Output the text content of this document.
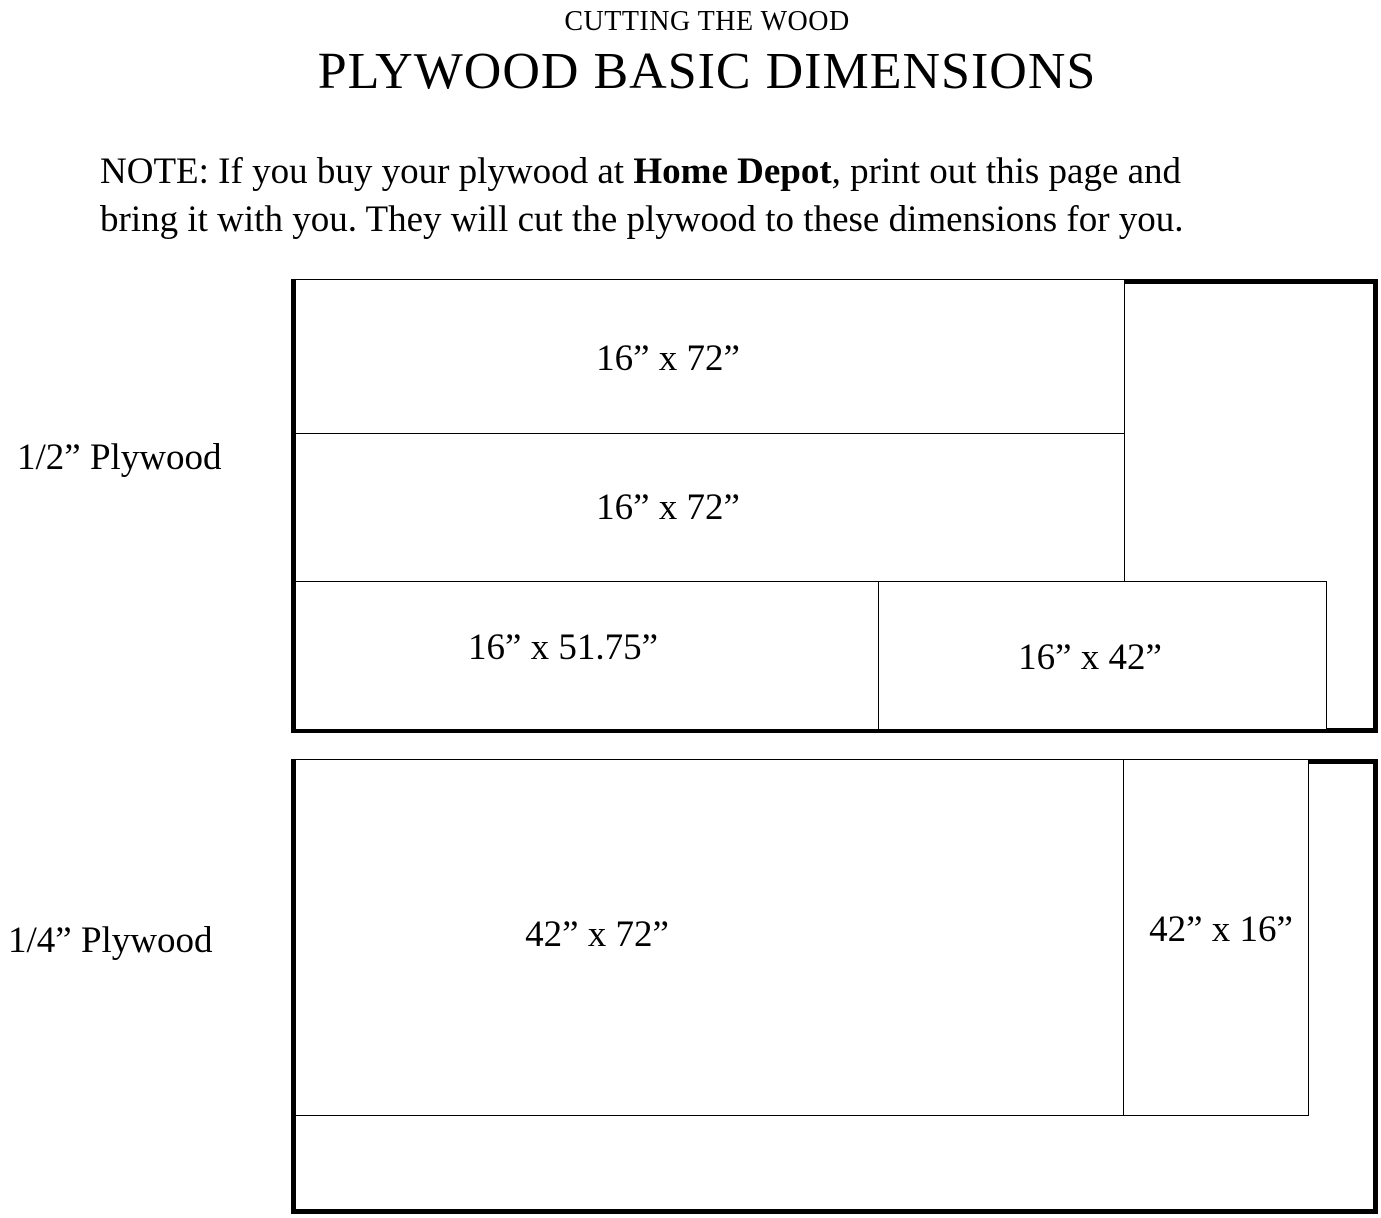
CUTTING THE WOOD
PLYWOOD BASIC DIMENSIONS
NOTE: If you buy your plywood at Home Depot, print out this page and
bring it with you. They will cut the plywood to these dimensions for you.
1/2” Plywood
16” x 72”
16” x 72”
16” x 51.75”	16” x 42”
1/4” Plywood	42” x 72”	42” x 16”
